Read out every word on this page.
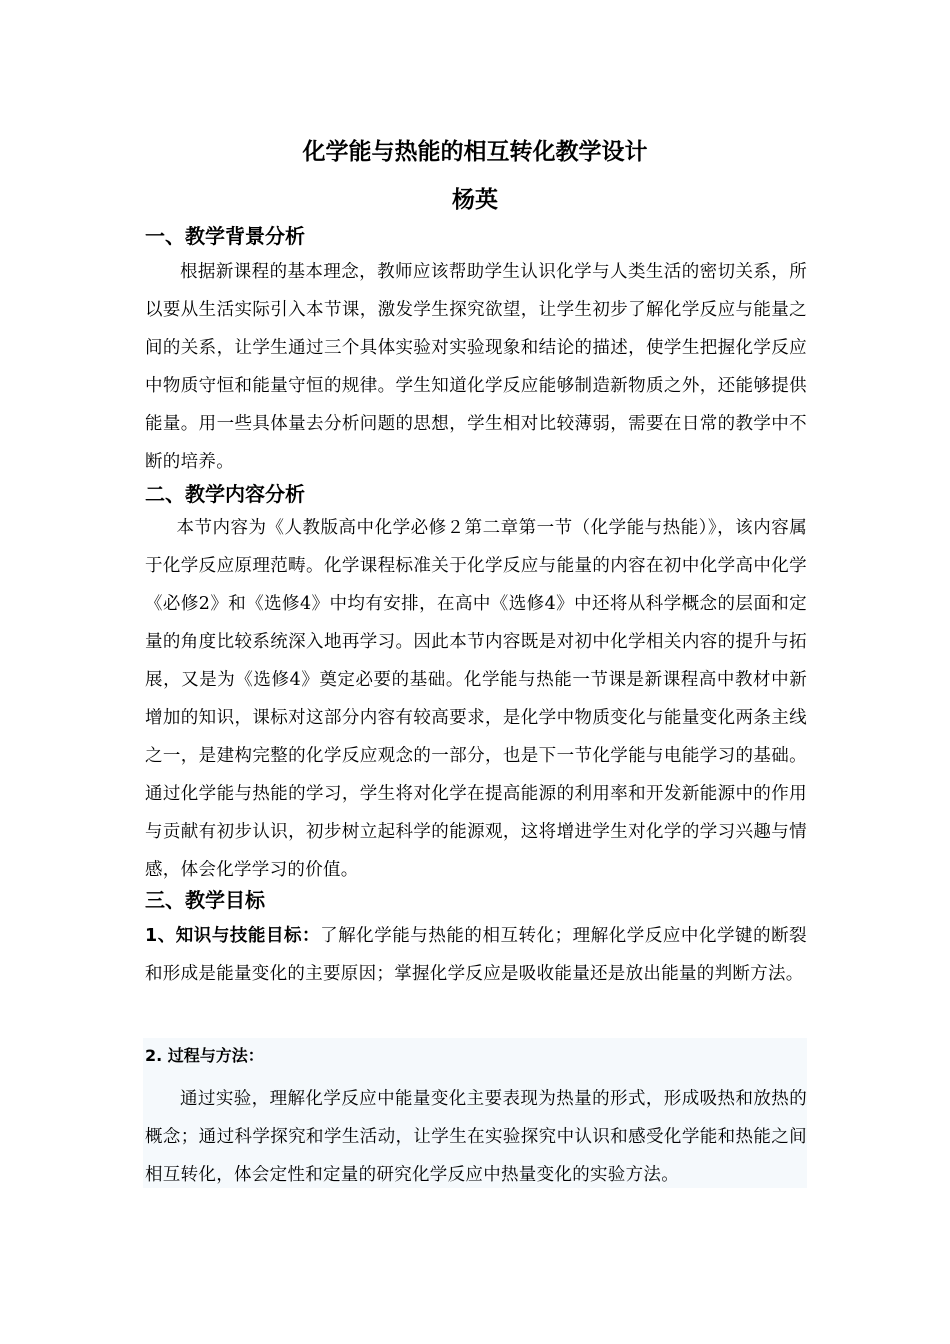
化学能与热能的相互转化教学设计
杨英
一、教学背景分析
根据新课程的基本理念，教师应该帮助学生认识化学与人类生活的密切关系，所以要从生活实际引入本节课，激发学生探究欲望，让学生初步了解化学反应与能量之间的关系，让学生通过三个具体实验对实验现象和结论的描述，使学生把握化学反应中物质守恒和能量守恒的规律。学生知道化学反应能够制造新物质之外，还能够提供能量。用一些具体量去分析问题的思想，学生相对比较薄弱，需要在日常的教学中不断的培养。
二、教学内容分析
本节内容为《人教版高中化学必修２第二章第一节（化学能与热能）》，该内容属于化学反应原理范畴。化学课程标准关于化学反应与能量的内容在初中化学高中化学《必修2》和《选修4》中均有安排，在高中《选修4》中还将从科学概念的层面和定量的角度比较系统深入地再学习。因此本节内容既是对初中化学相关内容的提升与拓展，又是为《选修4》奠定必要的基础。化学能与热能一节课是新课程高中教材中新增加的知识，课标对这部分内容有较高要求，是化学中物质变化与能量变化两条主线之一，是建构完整的化学反应观念的一部分，也是下一节化学能与电能学习的基础。通过化学能与热能的学习，学生将对化学在提高能源的利用率和开发新能源中的作用与贡献有初步认识，初步树立起科学的能源观，这将增进学生对化学的学习兴趣与情感，体会化学学习的价值。
三、教学目标
1、知识与技能目标：了解化学能与热能的相互转化；理解化学反应中化学键的断裂和形成是能量变化的主要原因；掌握化学反应是吸收能量还是放出能量的判断方法。
2. 过程与方法：
通过实验，理解化学反应中能量变化主要表现为热量的形式，形成吸热和放热的概念；通过科学探究和学生活动，让学生在实验探究中认识和感受化学能和热能之间相互转化，体会定性和定量的研究化学反应中热量变化的实验方法。
